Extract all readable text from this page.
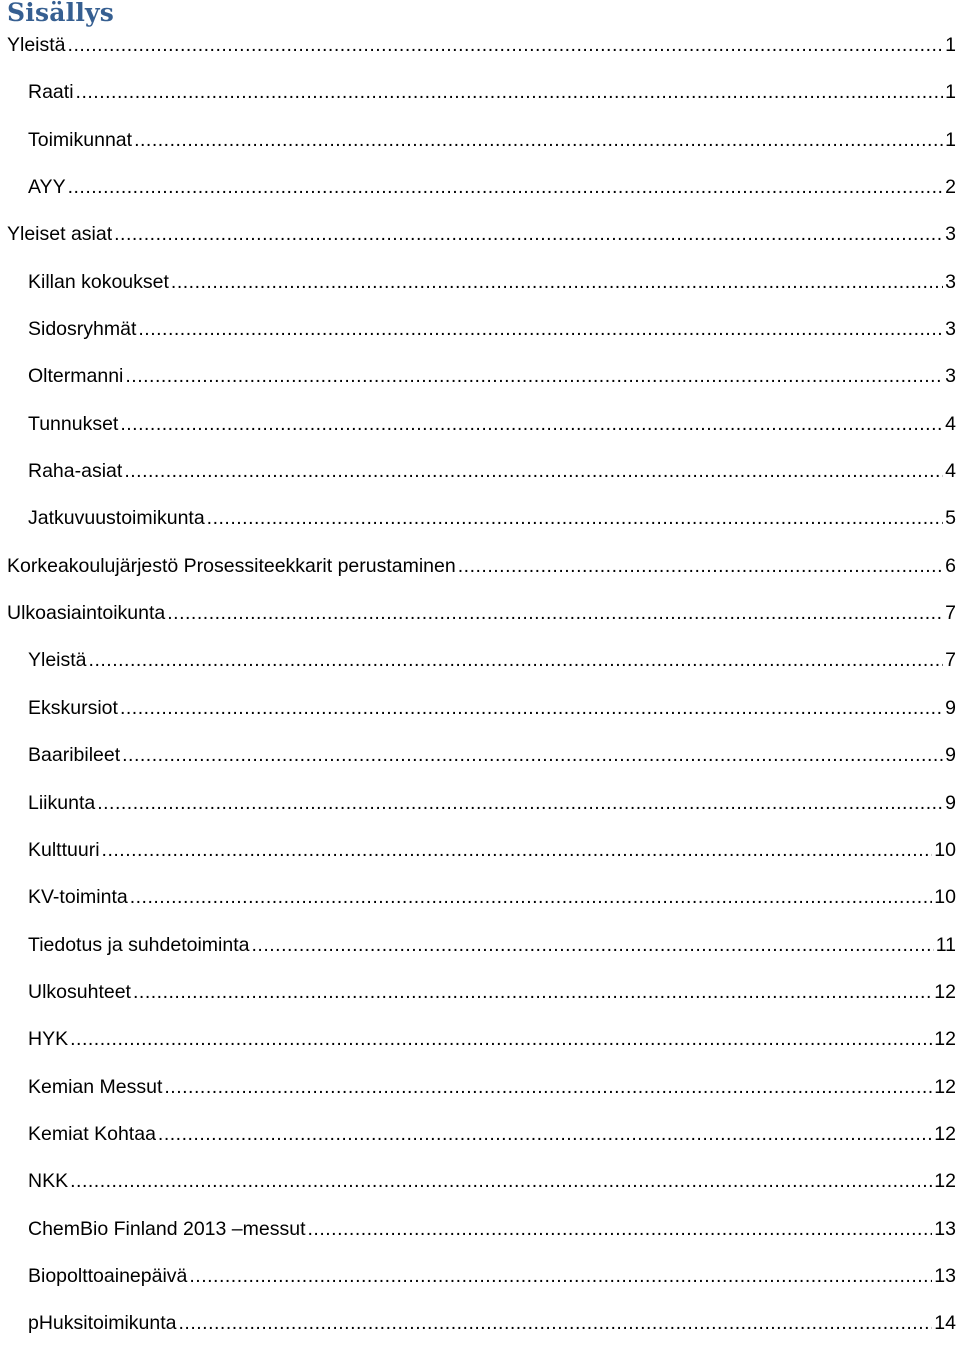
Sisällys
Yleistä .....	1
Raati .....	1
Toimikunnat .....	1
AYY .....	2
Yleiset asiat .....	3
Killan kokoukset .....	3
Sidosryhmät .....	3
Oltermanni .....	3
Tunnukset .....	4
Raha-asiat .....	4
Jatkuvuustoimikunta .....	5
Korkeakoulujärjestö Prosessiteekkarit perustaminen .....	6
Ulkoasiaintoikunta .....	7
Yleistä .....	7
Ekskursiot .....	9
Baaribileet .....	9
Liikunta .....	9
Kulttuuri .....	10
KV-toiminta .....	10
Tiedotus ja suhdetoiminta .....	11
Ulkosuhteet .....	12
HYK .....	12
Kemian Messut .....	12
Kemiat Kohtaa .....	12
NKK .....	12
ChemBio Finland 2013 –messut .....	13
Biopolttoainepäivä .....	13
pHuksitoimikunta .....	14
